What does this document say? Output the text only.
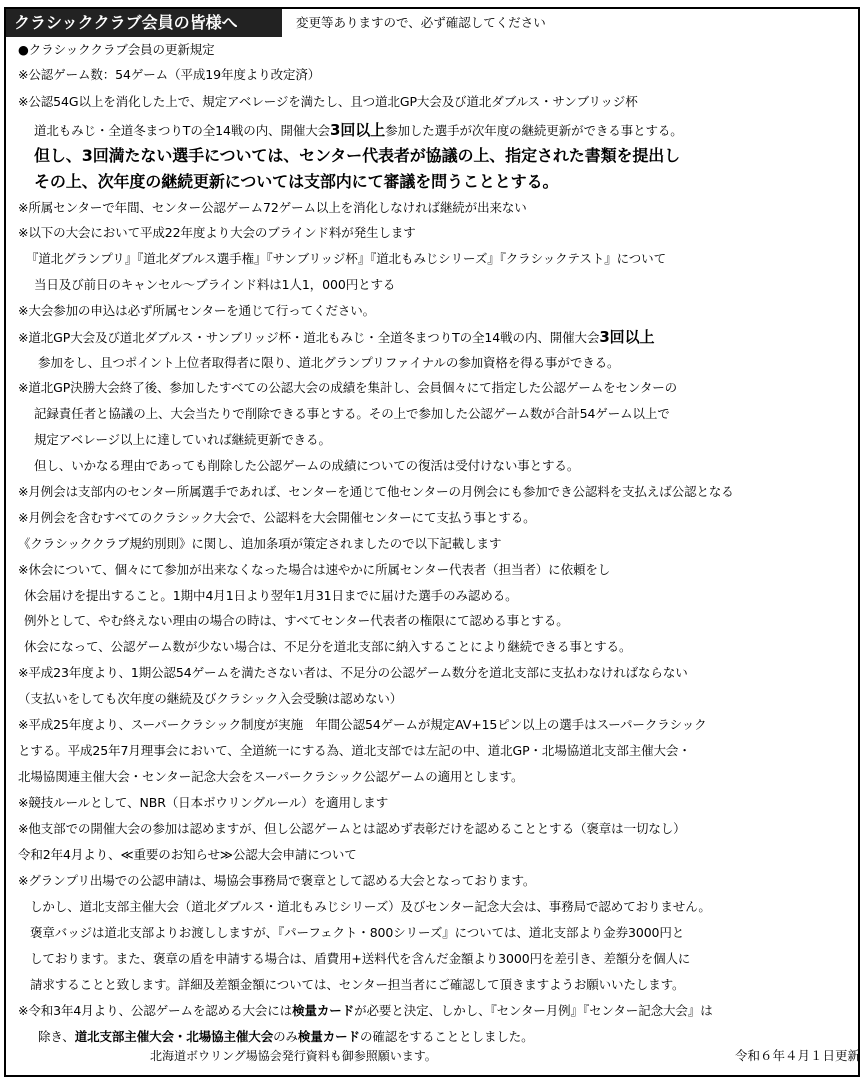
クラシッククラブ会員の皆様へ	変更等ありますので、必ず確認してください
●クラシッククラブ会員の更新規定
※公認ゲーム数：54ゲーム（平成19年度より改定済）
※公認54G以上を消化した上で、規定アベレージを満たし、且つ道北GP大会及び道北ダブルス・サンブリッジ杯
道北もみじ・全道冬まつりTの全14戦の内、開催大会3回以上参加した選手が次年度の継続更新ができる事とする。
但し、3回満たない選手については、センター代表者が協議の上、指定された書類を提出し
その上、次年度の継続更新については支部内にて審議を問うこととする。
※所属センターで年間、センター公認ゲーム72ゲーム以上を消化しなければ継続が出来ない
※以下の大会において平成22年度より大会のブラインド料が発生します
『道北グランプリ』『道北ダブルス選手権』『サンブリッジ杯』『道北もみじシリーズ』『クラシックテスト』について
当日及び前日のキャンセル～ブラインド料は1人1，000円とする
※大会参加の申込は必ず所属センターを通じて行ってください。
※道北GP大会及び道北ダブルス・サンブリッジ杯・道北もみじ・全道冬まつりTの全14戦の内、開催大会3回以上
参加をし、且つポイント上位者取得者に限り、道北グランプリファイナルの参加資格を得る事ができる。
※道北GP決勝大会終了後、参加したすべての公認大会の成績を集計し、会員個々にて指定した公認ゲームをセンターの
記録責任者と協議の上、大会当たりで削除できる事とする。その上で参加した公認ゲーム数が合計54ゲーム以上で
規定アベレージ以上に達していれば継続更新できる。
但し、いかなる理由であっても削除した公認ゲームの成績についての復活は受付けない事とする。
※月例会は支部内のセンター所属選手であれば、センターを通じて他センターの月例会にも参加でき公認料を支払えば公認となる
※月例会を含むすべてのクラシック大会で、公認料を大会開催センターにて支払う事とする。
《クラシッククラブ規約別則》に関し、追加条項が策定されましたので以下記載します
※休会について、個々にて参加が出来なくなった場合は速やかに所属センター代表者（担当者）に依頼をし
休会届けを提出すること。1期中4月1日より翌年1月31日までに届けた選手のみ認める。
例外として、やむ終えない理由の場合の時は、すべてセンター代表者の権限にて認める事とする。
休会になって、公認ゲーム数が少ない場合は、不足分を道北支部に納入することにより継続できる事とする。
※平成23年度より、1期公認54ゲームを満たさない者は、不足分の公認ゲーム数分を道北支部に支払わなければならない
（支払いをしても次年度の継続及びクラシック入会受験は認めない）
※平成25年度より、スーパークラシック制度が実施　年間公認54ゲームが規定AV+15ピン以上の選手はスーパークラシック
とする。平成25年7月理事会において、全道統一にする為、道北支部では左記の中、道北GP・北場協道北支部主催大会・
北場協関連主催大会・センター記念大会をスーパークラシック公認ゲームの適用とします。
※競技ルールとして、NBR（日本ボウリングルール）を適用します
※他支部での開催大会の参加は認めますが、但し公認ゲームとは認めず表彰だけを認めることとする（褒章は一切なし）
令和2年4月より、≪重要のお知らせ≫公認大会申請について
※グランプリ出場での公認申請は、場協会事務局で褒章として認める大会となっております。
しかし、道北支部主催大会（道北ダブルス・道北もみじシリーズ）及びセンター記念大会は、事務局で認めておりません。
褒章バッジは道北支部よりお渡ししますが、『パーフェクト・800シリーズ』については、道北支部より金券3000円と
しております。また、褒章の盾を申請する場合は、盾費用+送料代を含んだ金額より3000円を差引き、差額分を個人に
請求することと致します。詳細及差額金額については、センター担当者にご確認して頂きますようお願いいたします。
※令和3年4月より、公認ゲームを認める大会には検量カードが必要と決定、しかし、『センター月例』『センター記念大会』は
除き、道北支部主催大会・北場協主催大会のみ検量カードの確認をすることとしました。
北海道ボウリング場協会発行資料も御参照願います。	令和６年４月１日更新
